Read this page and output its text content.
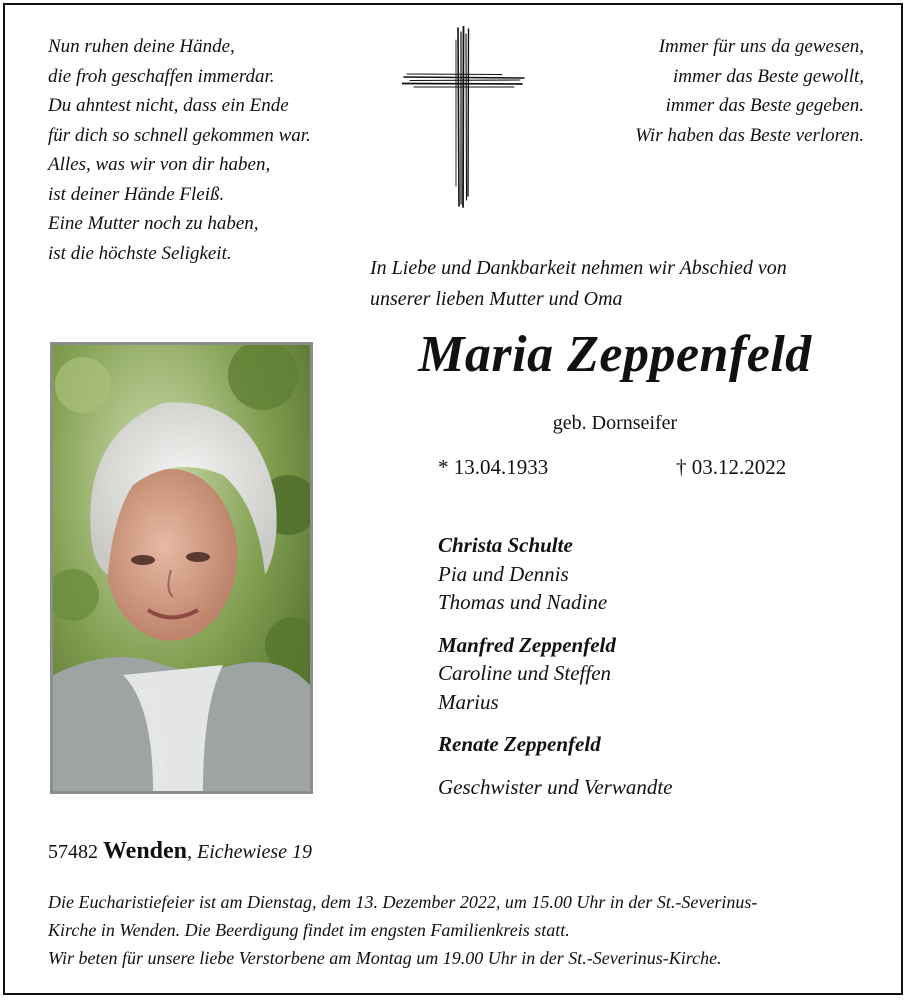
Nun ruhen deine Hände,
die froh geschaffen immerdar.
Du ahntest nicht, dass ein Ende
für dich so schnell gekommen war.
Alles, was wir von dir haben,
ist deiner Hände Fleiß.
Eine Mutter noch zu haben,
ist die höchste Seligkeit.
Immer für uns da gewesen,
immer das Beste gewollt,
immer das Beste gegeben.
Wir haben das Beste verloren.
In Liebe und Dankbarkeit nehmen wir Abschied von
unserer lieben Mutter und Oma
Maria Zeppenfeld
geb. Dornseifer
* 13.04.1933	† 03.12.2022
Christa Schulte
Pia und Dennis
Thomas und Nadine
Manfred Zeppenfeld
Caroline und Steffen
Marius
Renate Zeppenfeld
Geschwister und Verwandte
57482 Wenden, Eichewiese 19
Die Eucharistiefeier ist am Dienstag, dem 13. Dezember 2022, um 15.00 Uhr in der St.-Severinus-
Kirche in Wenden. Die Beerdigung findet im engsten Familienkreis statt.
Wir beten für unsere liebe Verstorbene am Montag um 19.00 Uhr in der St.-Severinus-Kirche.
